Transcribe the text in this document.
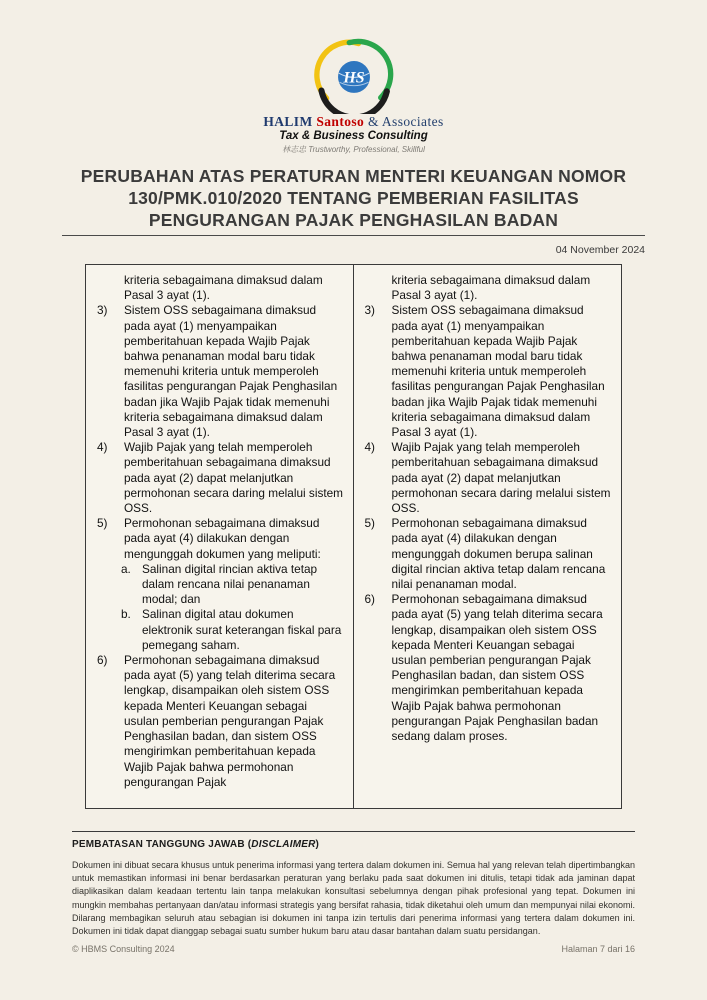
HS
HALIM Santoso & Associates
Tax & Business Consulting
林志忠 Trustworthy, Professional, Skillful
PERUBAHAN ATAS PERATURAN MENTERI KEUANGAN NOMOR
130/PMK.010/2020 TENTANG PEMBERIAN FASILITAS
PENGURANGAN PAJAK PENGHASILAN BADAN
04 November 2024
kriteria sebagaimana dimaksud dalam Pasal 3 ayat (1).
3)	Sistem OSS sebagaimana dimaksud pada ayat (1) menyampaikan pemberitahuan kepada Wajib Pajak bahwa penanaman modal baru tidak memenuhi kriteria untuk memperoleh fasilitas pengurangan Pajak Penghasilan badan jika Wajib Pajak tidak memenuhi kriteria sebagaimana dimaksud dalam Pasal 3 ayat (1).
4)	Wajib Pajak yang telah memperoleh pemberitahuan sebagaimana dimaksud pada ayat (2) dapat melanjutkan permohonan secara daring melalui sistem OSS.
5)	Permohonan sebagaimana dimaksud pada ayat (4) dilakukan dengan mengunggah dokumen yang meliputi:
a. Salinan digital rincian aktiva tetap dalam rencana nilai penanaman modal; dan
b. Salinan digital atau dokumen elektronik surat keterangan fiskal para pemegang saham.
6)	Permohonan sebagaimana dimaksud pada ayat (5) yang telah diterima secara lengkap, disampaikan oleh sistem OSS kepada Menteri Keuangan sebagai usulan pemberian pengurangan Pajak Penghasilan badan, dan sistem OSS mengirimkan pemberitahuan kepada Wajib Pajak bahwa permohonan pengurangan Pajak
kriteria sebagaimana dimaksud dalam Pasal 3 ayat (1).
3)	Sistem OSS sebagaimana dimaksud pada ayat (1) menyampaikan pemberitahuan kepada Wajib Pajak bahwa penanaman modal baru tidak memenuhi kriteria untuk memperoleh fasilitas pengurangan Pajak Penghasilan badan jika Wajib Pajak tidak memenuhi kriteria sebagaimana dimaksud dalam Pasal 3 ayat (1).
4)	Wajib Pajak yang telah memperoleh pemberitahuan sebagaimana dimaksud pada ayat (2) dapat melanjutkan permohonan secara daring melalui sistem OSS.
5)	Permohonan sebagaimana dimaksud pada ayat (4) dilakukan dengan mengunggah dokumen berupa salinan digital rincian aktiva tetap dalam rencana nilai penanaman modal.
6)	Permohonan sebagaimana dimaksud pada ayat (5) yang telah diterima secara lengkap, disampaikan oleh sistem OSS kepada Menteri Keuangan sebagai usulan pemberian pengurangan Pajak Penghasilan badan, dan sistem OSS mengirimkan pemberitahuan kepada Wajib Pajak bahwa permohonan pengurangan Pajak Penghasilan badan sedang dalam proses.
PEMBATASAN TANGGUNG JAWAB (DISCLAIMER)

Dokumen ini dibuat secara khusus untuk penerima informasi yang tertera dalam dokumen ini. Semua hal yang relevan telah dipertimbangkan untuk memastikan informasi ini benar berdasarkan peraturan yang berlaku pada saat dokumen ini ditulis, tetapi tidak ada jaminan dapat diaplikasikan dalam keadaan tertentu lain tanpa melakukan konsultasi sebelumnya dengan pihak profesional yang tepat. Dokumen ini mungkin membahas pertanyaan dan/atau informasi strategis yang bersifat rahasia, tidak diketahui oleh umum dan mempunyai nilai ekonomi. Dilarang membagikan seluruh atau sebagian isi dokumen ini tanpa izin tertulis dari penerima informasi yang tertera dalam dokumen ini. Dokumen ini tidak dapat dianggap sebagai suatu sumber hukum baru atau dasar bantahan dalam suatu persidangan.

© HBMS Consulting 2024	Halaman 7 dari 16
